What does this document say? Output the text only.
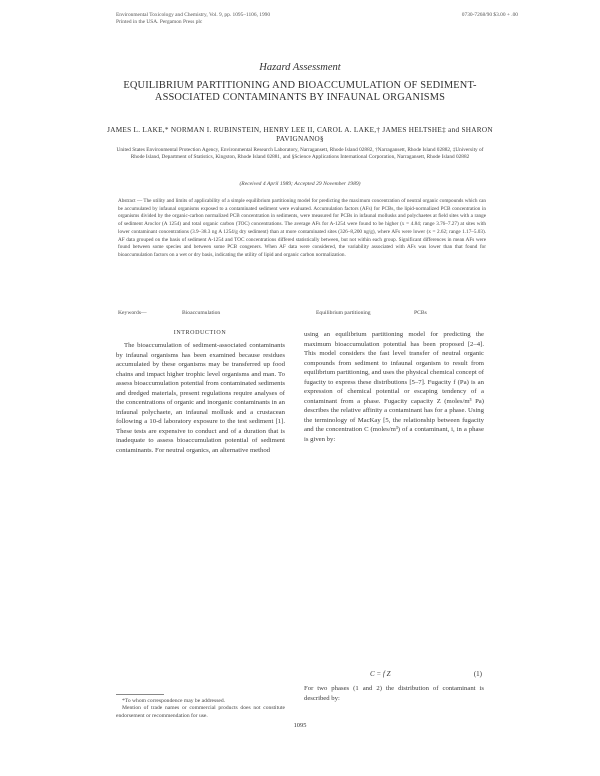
Environmental Toxicology and Chemistry, Vol. 9, pp. 1095–1106, 1990
Printed in the USA. Pergamon Press plc
0730-7268/90 $3.00 + .00
Hazard Assessment
EQUILIBRIUM PARTITIONING AND BIOACCUMULATION OF SEDIMENT-ASSOCIATED CONTAMINANTS BY INFAUNAL ORGANISMS
JAMES L. LAKE,* NORMAN I. RUBINSTEIN, HENRY LEE II, CAROL A. LAKE,† JAMES HELTSHE‡ and SHARON PAVIGNANO§
United States Environmental Protection Agency, Environmental Research Laboratory, Narragansett, Rhode Island 02882, †Narragansett, Rhode Island 02882, ‡University of Rhode Island, Department of Statistics, Kingston, Rhode Island 02881, and §Science Applications International Corporation, Narragansett, Rhode Island 02882
(Received 4 April 1989; Accepted 29 November 1989)
Abstract — The utility and limits of applicability of a simple equilibrium partitioning model for predicting the maximum concentration of neutral organic compounds which can be accumulated by infaunal organisms exposed to a contaminated sediment were evaluated. Accumulation factors (AFs) for PCBs, the lipid-normalized PCB concentration in organisms divided by the organic-carbon normalized PCB concentration in sediments, were measured for PCBs in infaunal mollusks and polychaetes at field sites with a range of sediment Aroclor (A 1254) and total organic carbon (TOC) concentrations. The average AFs for A-1254 were found to be higher (x = 4.84; range 3.76–7.27) at sites with lower contaminant concentrations (3.9–38.3 ng A 1254/g dry sediment) than at more contaminated sites (326–8,200 ng/g), where AFs were lower (x = 2.62; range 1.17–5.03). AF data grouped on the basis of sediment A-1254 and TOC concentrations differed statistically between, but not within each group. Significant differences in mean AFs were found between some species and between some PCB congeners. When AF data were considered, the variability associated with AFs was lower than that found for bioaccumulation factors on a wet or dry basis, indicating the utility of lipid and organic carbon normalization.
Keywords—	Bioaccumulation	Equilibrium partitioning	PCBs
INTRODUCTION
The bioaccumulation of sediment-associated contaminants by infaunal organisms has been examined because residues accumulated by these organisms may be transferred up food chains and impact higher trophic level organisms and man. To assess bioaccumulation potential from contaminated sediments and dredged materials, present regulations require analyses of the concentrations of organic and inorganic contaminants in an infaunal polychaete, an infaunal mollusk and a crustacean following a 10-d laboratory exposure to the test sediment [1]. These tests are expensive to conduct and of a duration that is inadequate to assess bioaccumulation potential of sediment contaminants. For neutral organics, an alternative method
*To whom correspondence may be addressed.
Mention of trade names or commercial products does not constitute endorsement or recommendation for use.
using an equilibrium partitioning model for predicting the maximum bioaccumulation potential has been proposed [2–4]. This model considers the fast level transfer of neutral organic compounds from sediment to infaunal organism to result from equilibrium partitioning, and uses the physical chemical concept of fugacity to express these distributions [5–7]. Fugacity f (Pa) is an expression of chemical potential or escaping tendency of a contaminant from a phase. Fugacity capacity Z (moles/m³ Pa) describes the relative affinity a contaminant has for a phase. Using the terminology of MacKay [5, the relationship between fugacity and the concentration C (moles/m³) of a contaminant, i, in a phase is given by:
C = f Z	(1)
For two phases (1 and 2) the distribution of contaminant is described by:
1095
